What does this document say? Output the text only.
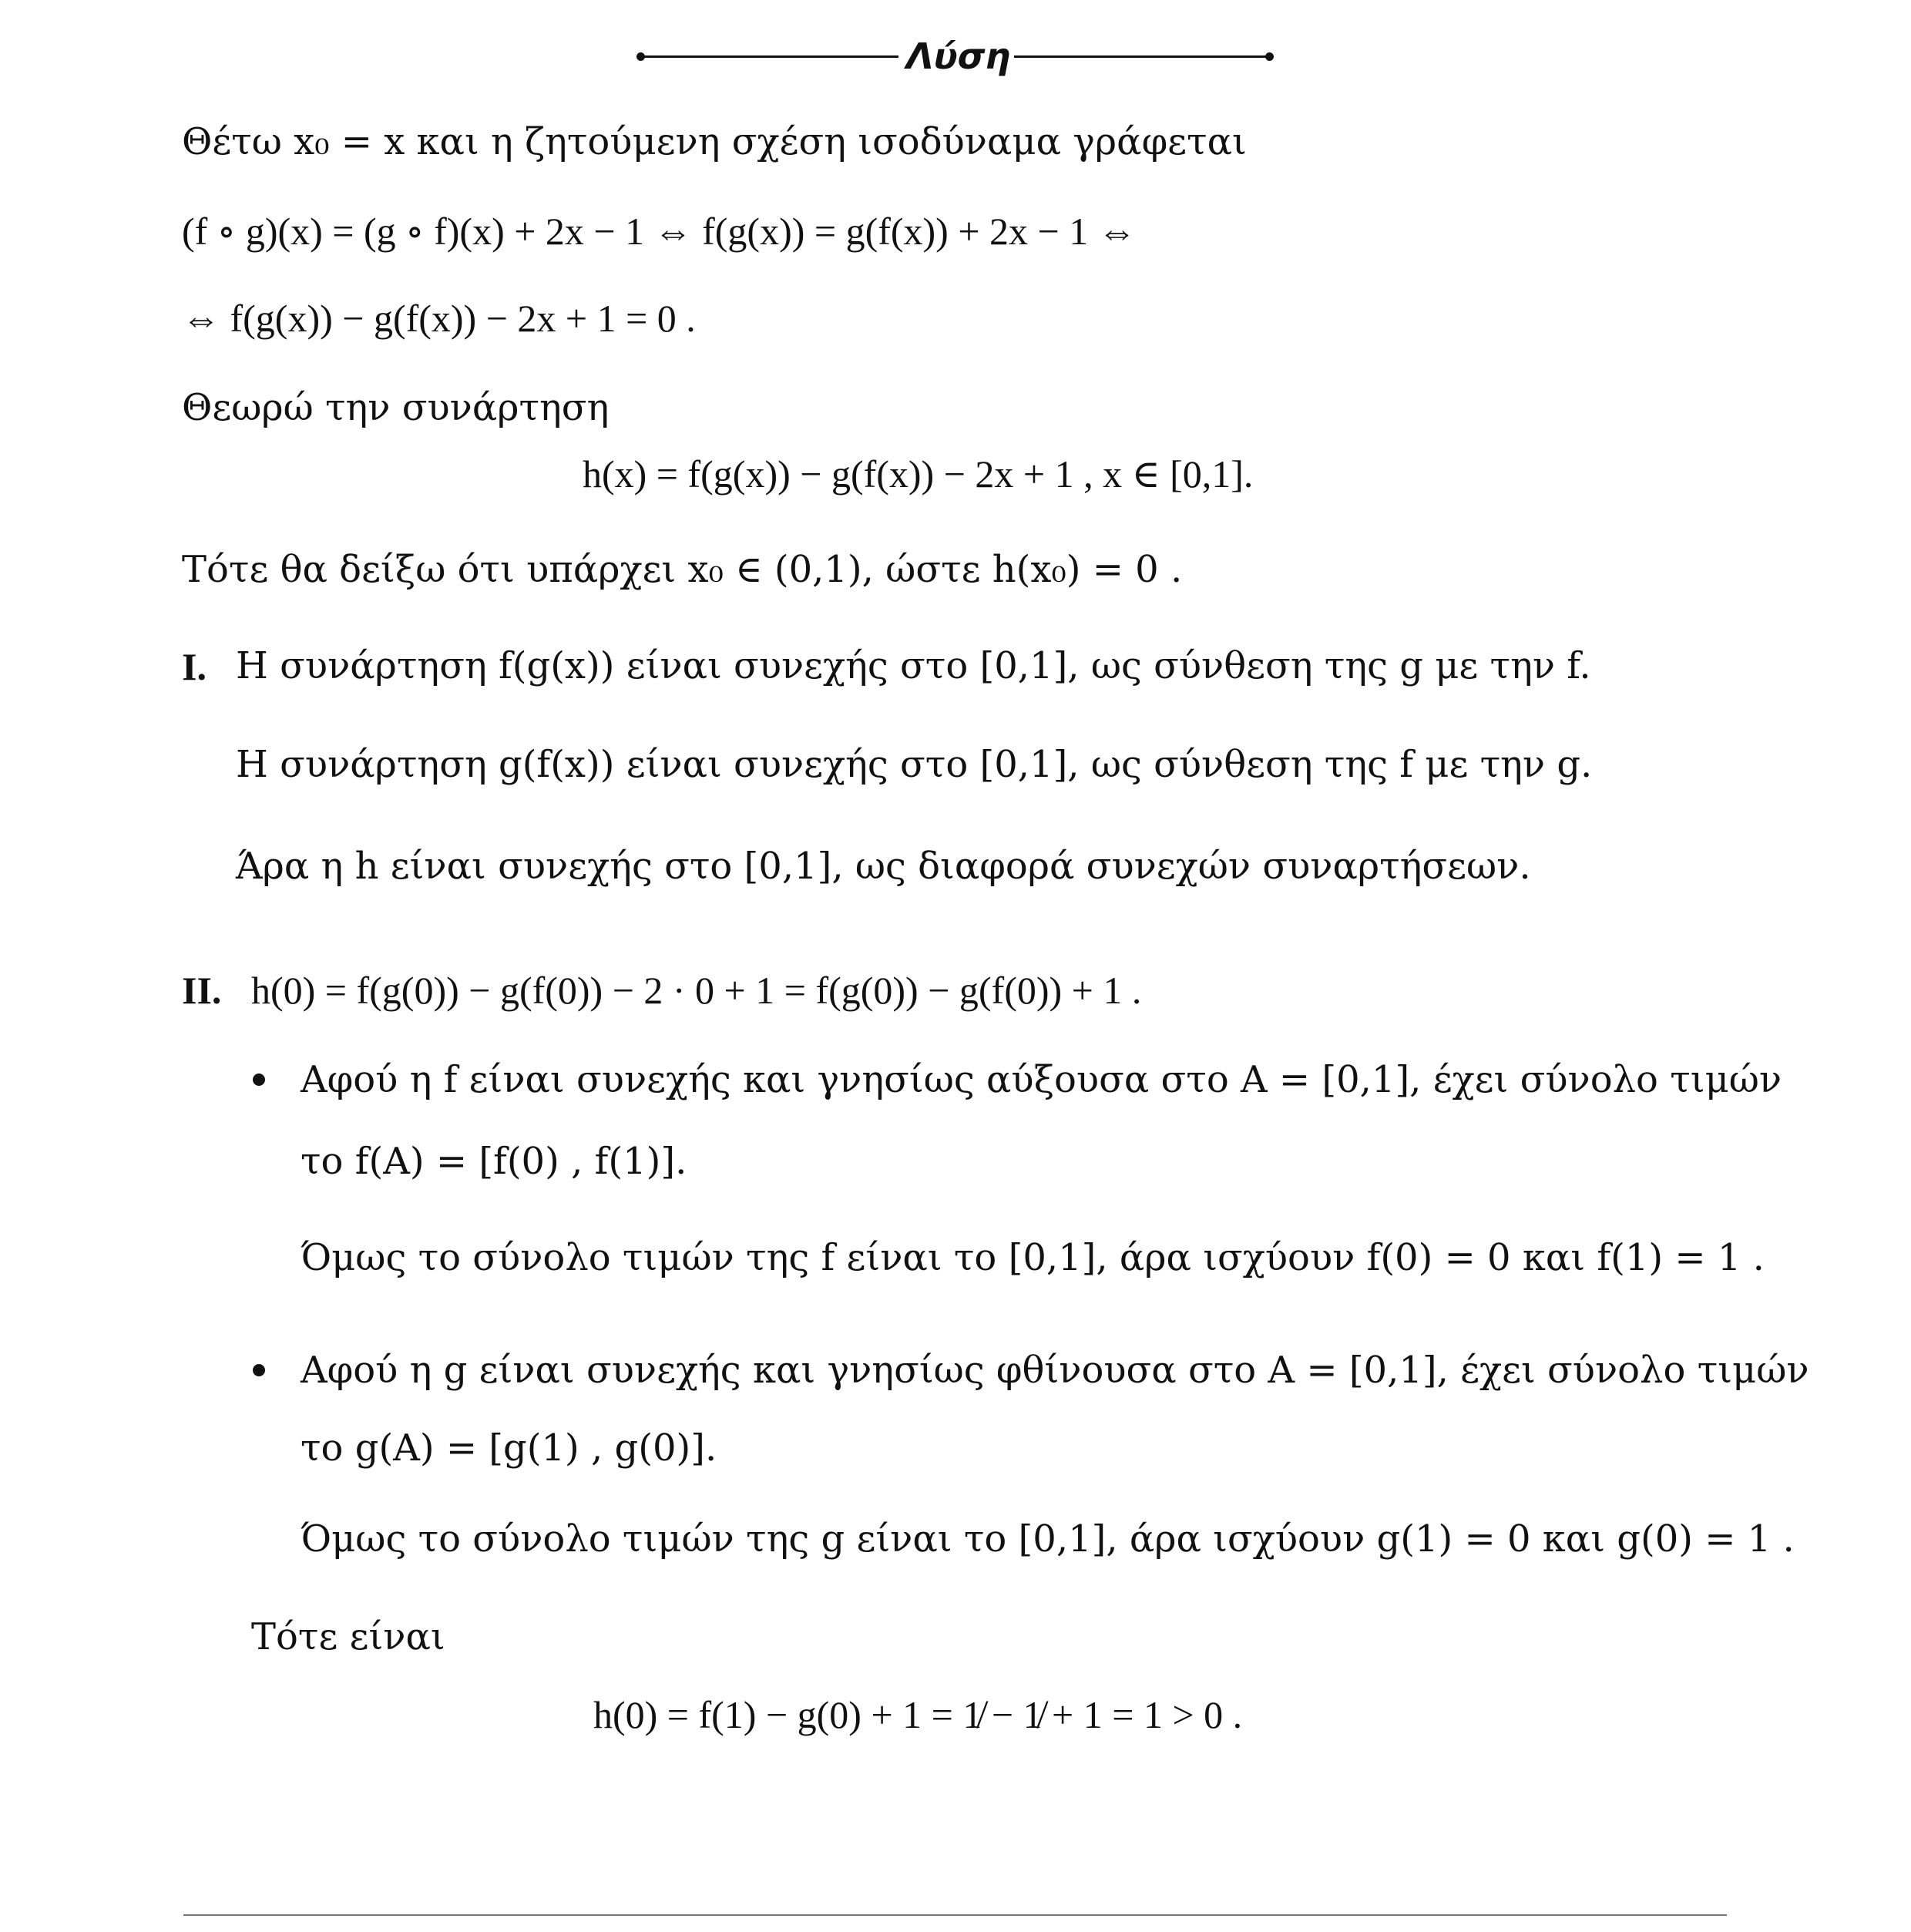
Λύση
Θέτω x₀ = x και η ζητούμενη σχέση ισοδύναμα γράφεται
(f ∘ g)(x) = (g ∘ f)(x) + 2x − 1 ⇔ f(g(x)) = g(f(x)) + 2x − 1 ⇔
⇔ f(g(x)) − g(f(x)) − 2x + 1 = 0 .
Θεωρώ την συνάρτηση
h(x) = f(g(x)) − g(f(x)) − 2x + 1 , x ∈ [0,1].
Τότε θα δείξω ότι υπάρχει x₀ ∈ (0,1), ώστε h(x₀) = 0 .
I. Η συνάρτηση f(g(x)) είναι συνεχής στο [0,1], ως σύνθεση της g με την f.
Η συνάρτηση g(f(x)) είναι συνεχής στο [0,1], ως σύνθεση της f με την g.
Άρα η h είναι συνεχής στο [0,1], ως διαφορά συνεχών συναρτήσεων.
II. h(0) = f(g(0)) − g(f(0)) − 2 · 0 + 1 = f(g(0)) − g(f(0)) + 1 .
Αφού η f είναι συνεχής και γνησίως αύξουσα στο A = [0,1], έχει σύνολο τιμών
το f(A) = [f(0) , f(1)].
Όμως το σύνολο τιμών της f είναι το [0,1], άρα ισχύουν f(0) = 0 και f(1) = 1 .
Αφού η g είναι συνεχής και γνησίως φθίνουσα στο A = [0,1], έχει σύνολο τιμών
το g(A) = [g(1) , g(0)].
Όμως το σύνολο τιμών της g είναι το [0,1], άρα ισχύουν g(1) = 0 και g(0) = 1 .
Τότε είναι
h(0) = f(1) − g(0) + 1 = 1̸ − 1̸ + 1 = 1 > 0 .
